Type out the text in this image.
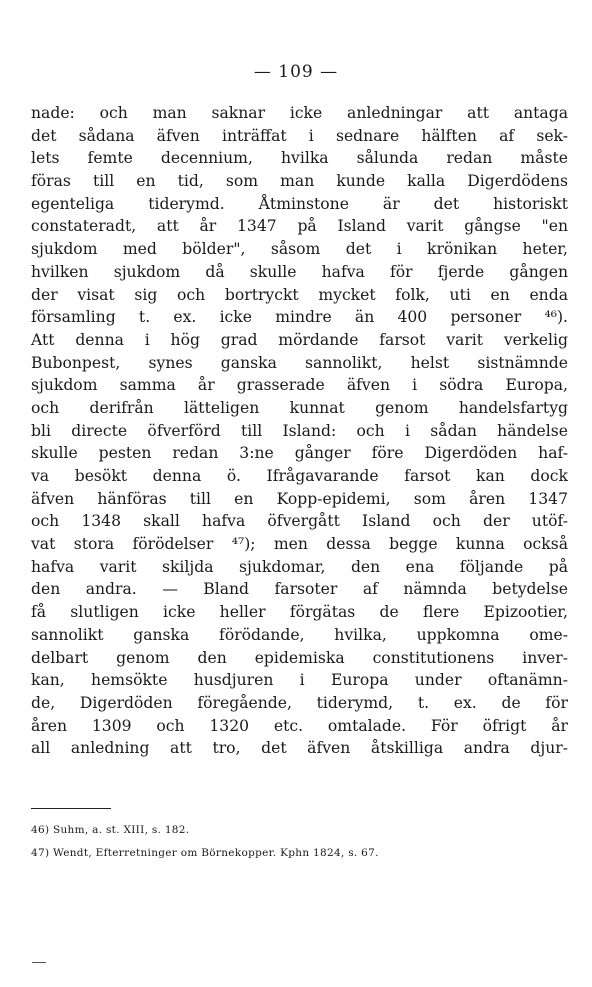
— 109 —
nade: och man saknar icke anledningar att antaga
det sådana äfven inträffat i sednare hälften af sek-
lets femte decennium, hvilka sålunda redan måste
föras till en tid, som man kunde kalla Digerdödens
egenteliga tiderymd. Åtminstone är det historiskt
constateradt, att år 1347 på Island varit gångse "en
sjukdom med bölder", såsom det i krönikan heter,
hvilken sjukdom då skulle hafva för fjerde gången
der visat sig och bortryckt mycket folk, uti en enda
församling t. ex. icke mindre än 400 personer ⁴⁶).
Att denna i hög grad mördande farsot varit verkelig
Bubonpest, synes ganska sannolikt, helst sistnämnde
sjukdom samma år grasserade äfven i södra Europa,
och derifrån lätteligen kunnat genom handelsfartyg
bli directe öfverförd till Island: och i sådan händelse
skulle pesten redan 3:ne gånger före Digerdöden haf-
va besökt denna ö. Ifrågavarande farsot kan dock
äfven hänföras till en Kopp-epidemi, som åren 1347
och 1348 skall hafva öfvergått Island och der utöf-
vat stora förödelser ⁴⁷); men dessa begge kunna också
hafva varit skiljda sjukdomar, den ena följande på
den andra. — Bland farsoter af nämnda betydelse
få slutligen icke heller förgätas de flere Epizootier,
sannolikt ganska förödande, hvilka, uppkomna ome-
delbart genom den epidemiska constitutionens inver-
kan, hemsökte husdjuren i Europa under oftanämn-
de, Digerdöden föregående, tiderymd, t. ex. de för
åren 1309 och 1320 etc. omtalade. För öfrigt år
all anledning att tro, det äfven åtskilliga andra djur-
46) Suhm, a. st. XIII, s. 182.
47) Wendt, Efterretninger om Börnekopper. Kphn 1824, s. 67.
